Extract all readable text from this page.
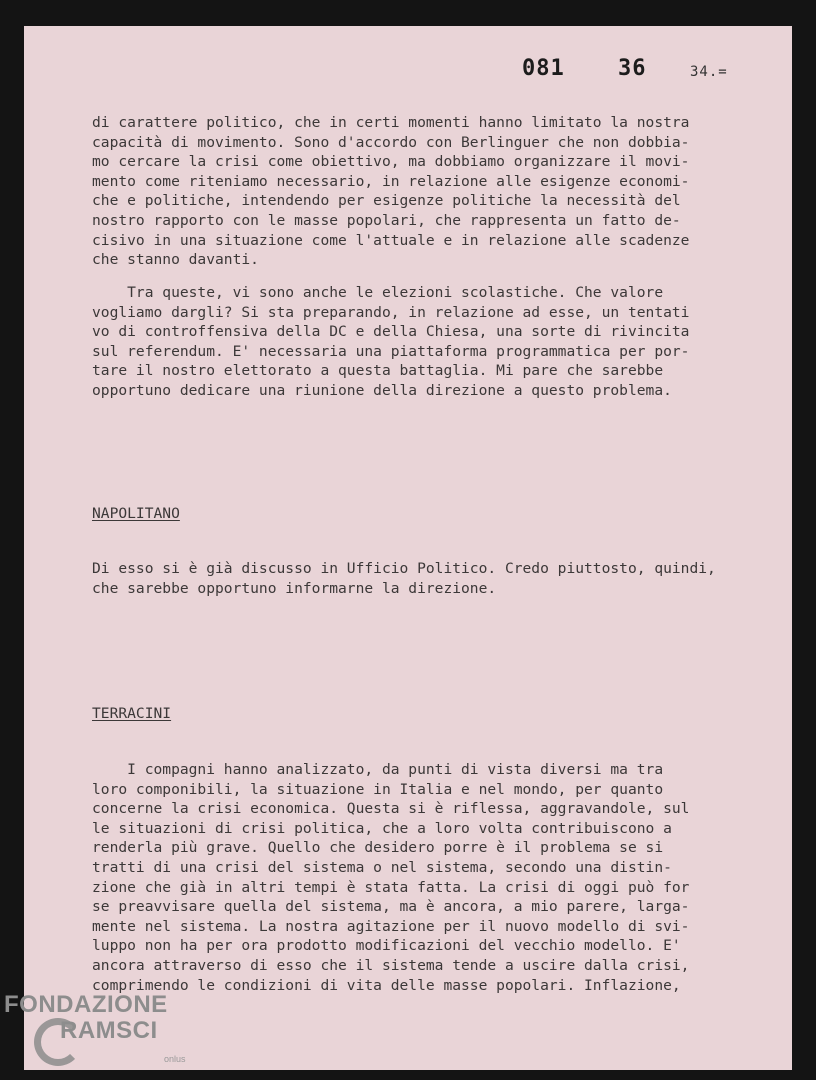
081 36	34.=
di carattere politico, che in certi momenti hanno limitato la nostra
capacità di movimento. Sono d'accordo con Berlinguer che non dobbia-
mo cercare la crisi come obiettivo, ma dobbiamo organizzare il movi-
mento come riteniamo necessario, in relazione alle esigenze economi-
che e politiche, intendendo per esigenze politiche la necessità del
nostro rapporto con le masse popolari, che rappresenta un fatto de-
cisivo in una situazione come l'attuale e in relazione alle scadenze
che stanno davanti.
Tra queste, vi sono anche le elezioni scolastiche. Che valore
vogliamo dargli? Si sta preparando, in relazione ad esse, un tentati
vo di controffensiva della DC e della Chiesa, una sorte di rivincita
sul referendum. E' necessaria una piattaforma programmatica per por-
tare il nostro elettorato a questa battaglia. Mi pare che sarebbe
opportuno dedicare una riunione della direzione a questo problema.
NAPOLITANO
Di esso si è già discusso in Ufficio Politico. Credo piuttosto, quindi,
che sarebbe opportuno informarne la direzione.
TERRACINI
I compagni hanno analizzato, da punti di vista diversi ma tra
loro componibili, la situazione in Italia e nel mondo, per quanto
concerne la crisi economica. Questa si è riflessa, aggravandole, sul
le situazioni di crisi politica, che a loro volta contribuiscono a
renderla più grave. Quello che desidero porre è il problema se si
tratti di una crisi del sistema o nel sistema, secondo una distin-
zione che già in altri tempi è stata fatta. La crisi di oggi può for
se preavvisare quella del sistema, ma è ancora, a mio parere, larga-
mente nel sistema. La nostra agitazione per il nuovo modello di svi-
luppo non ha per ora prodotto modificazioni del vecchio modello. E'
ancora attraverso di esso che il sistema tende a uscire dalla crisi,
comprimendo le condizioni di vita delle masse popolari. Inflazione,
FONDAZIONE
RAMSCI
onlus
